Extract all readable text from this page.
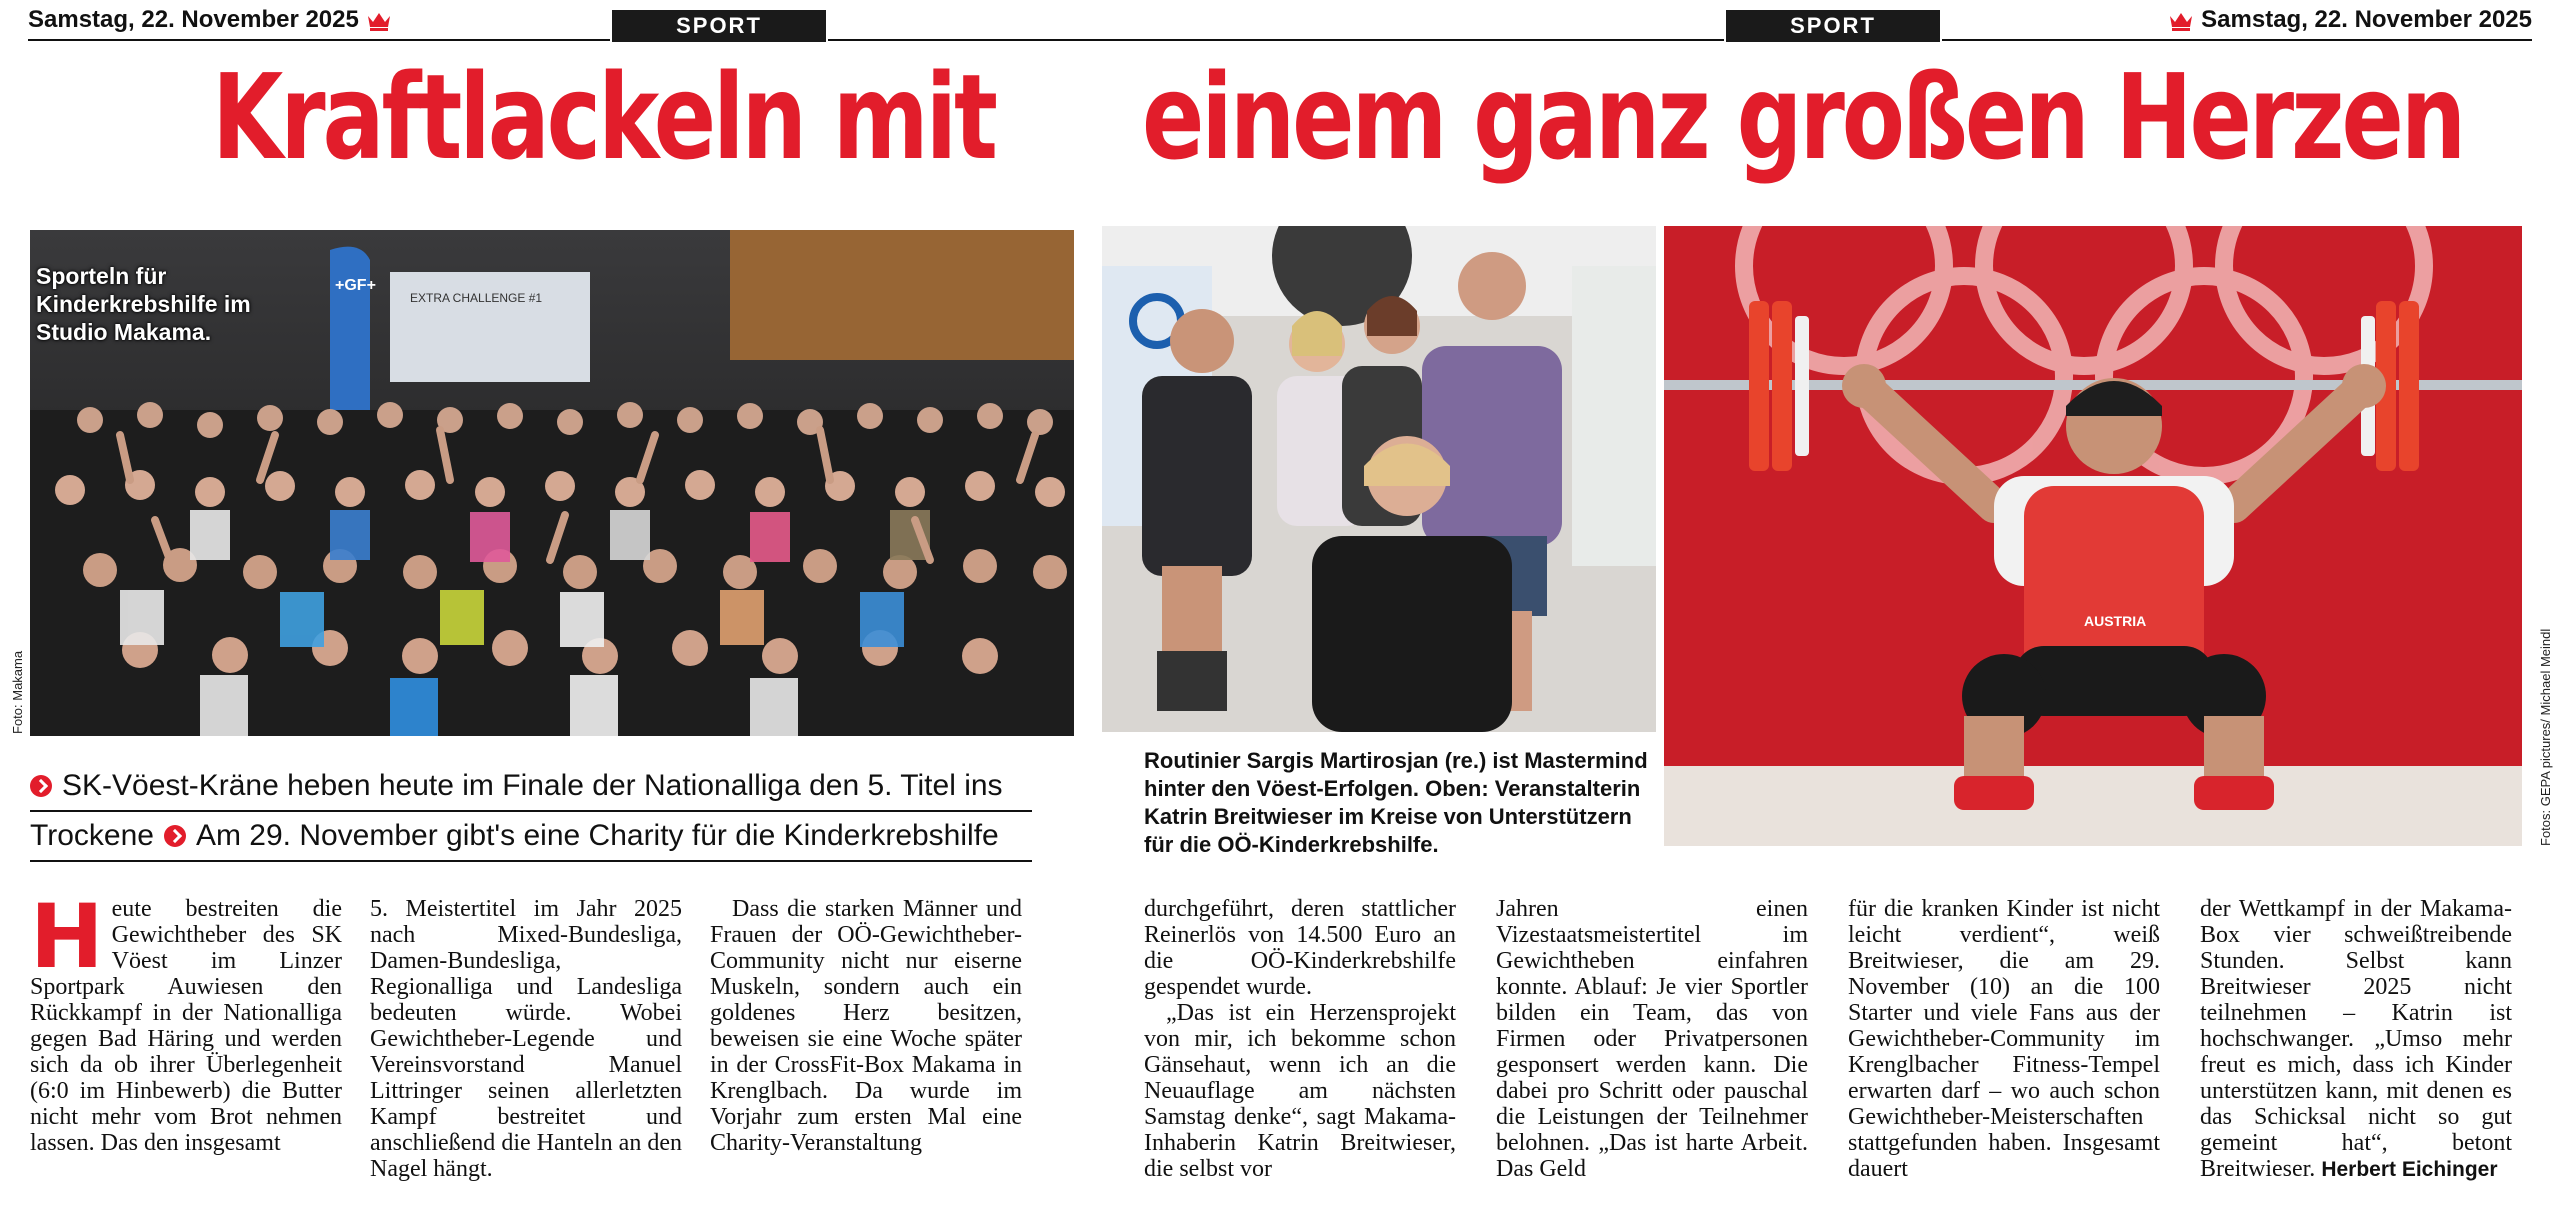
Samstag, 22. November 2025	SPORT	SPORT	Samstag, 22. November 2025
Kraftlackeln mit einem ganz großen Herzen
EXTRA CHALLENGE #1
+GF+
Sporteln für Kinderkrebshilfe im Studio Makama.
Foto: Makama
Routinier Sargis Martirosjan (re.) ist Mastermind hinter den Vöest-Erfolgen. Oben: Veranstalterin Katrin Breitwieser im Kreise von Unterstützern für die OÖ-Kinderkrebshilfe.
AUSTRIA
Fotos: GEPA pictures/ Michael Meindl
SK-Vöest-Kräne heben heute im Finale der Nationalliga den 5. Titel ins
Trockene Am 29. November gibt's eine Charity für die Kinderkrebshilfe
H eute bestreiten die Gewichtheber des SK Vöest im Linzer Sportpark Auwiesen den Rückkampf in der Nationalliga gegen Bad Häring und werden sich da ob ihrer Überlegenheit (6:0 im Hinbewerb) die Butter nicht mehr vom Brot nehmen lassen. Das den insgesamt

5. Meistertitel im Jahr 2025 nach Mixed-Bundesliga, Damen-Bundesliga, Regionalliga und Landesliga bedeuten würde. Wobei Gewichtheber-Legende und Vereinsvorstand Manuel Littringer seinen allerletzten Kampf bestreitet und anschließend die Hanteln an den Nagel hängt.

Dass die starken Männer und Frauen der OÖ-Gewichtheber-Community nicht nur eiserne Muskeln, sondern auch ein goldenes Herz besitzen, beweisen sie eine Woche später in der CrossFit-Box Makama in Krenglbach. Da wurde im Vorjahr zum ersten Mal eine Charity-Veranstaltung

durchgeführt, deren stattlicher Reinerlös von 14.500 Euro an die OÖ-Kinderkrebshilfe gespendet wurde.

„Das ist ein Herzensprojekt von mir, ich bekomme schon Gänsehaut, wenn ich an die Neuauflage am nächsten Samstag denke“, sagt Makama-Inhaberin Katrin Breitwieser, die selbst vor

Jahren einen Vizestaatsmeistertitel im Gewichtheben einfahren konnte. Ablauf: Je vier Sportler bilden ein Team, das von Firmen oder Privatpersonen gesponsert werden kann. Die dabei pro Schritt oder pauschal die Leistungen der Teilnehmer belohnen. „Das ist harte Arbeit. Das Geld

für die kranken Kinder ist nicht leicht verdient“, weiß Breitwieser, die am 29. November (10) an die 100 Starter und viele Fans aus der Gewichtheber-Community im Krenglbacher Fitness-Tempel erwarten darf – wo auch schon Gewichtheber-Meisterschaften stattgefunden haben. Insgesamt dauert

der Wettkampf in der Makama-Box vier schweißtreibende Stunden. Selbst kann Breitwieser 2025 nicht teilnehmen – Katrin ist hochschwanger. „Umso mehr freut es mich, dass ich Kinder unterstützen kann, mit denen es das Schicksal nicht so gut gemeint hat“, betont Breitwieser. Herbert Eichinger
